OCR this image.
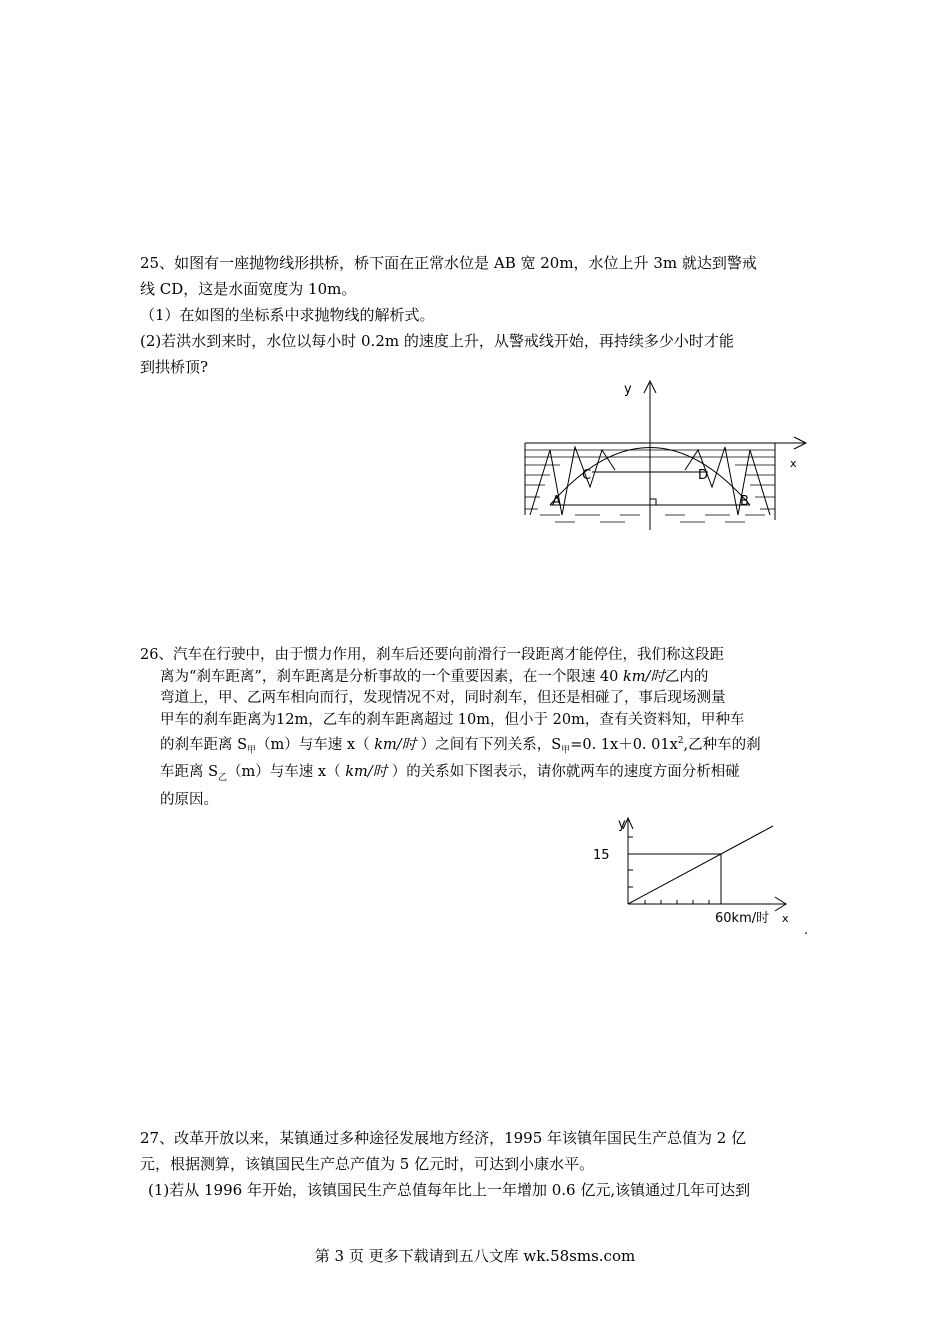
25、如图有一座抛物线形拱桥，桥下面在正常水位是 AB 宽 20m，水位上升 3m 就达到警戒
线 CD，这是水面宽度为 10m。
（1）在如图的坐标系中求抛物线的解析式。
(2)若洪水到来时，水位以每小时 0.2m 的速度上升，从警戒线开始，再持续多少小时才能
到拱桥顶?
y
x
A	B
C	D
26、汽车在行驶中，由于惯力作用，刹车后还要向前滑行一段距离才能停住，我们称这段距
离为“刹车距离”，刹车距离是分析事故的一个重要因素，在一个限速 40 km/时乙内的
弯道上，甲、乙两车相向而行，发现情况不对，同时刹车，但还是相碰了，事后现场测量
甲车的刹车距离为12m，乙车的刹车距离超过 10m，但小于 20m，查有关资料知，甲种车
的刹车距离 $S_甲(m)$与车速 x（ km/时 ）之间有下列关系，$S_甲=0$. 1x＋0. $01x^2$,乙种车的刹
车距离 $S_乙(m)$与车速 x（ km/时 ）的关系如下图表示，请你就两车的速度方面分析相碰
的原因。
y
15
60km/时 x
.
27、改革开放以来，某镇通过多种途径发展地方经济，1995 年该镇年国民生产总值为 2 亿
元，根据测算，该镇国民生产总产值为 5 亿元时，可达到小康水平。
(1)若从 1996 年开始，该镇国民生产总值每年比上一年增加 0.6 亿元,该镇通过几年可达到
第 3 页 更多下载请到五八文库 wk.58sms.com
